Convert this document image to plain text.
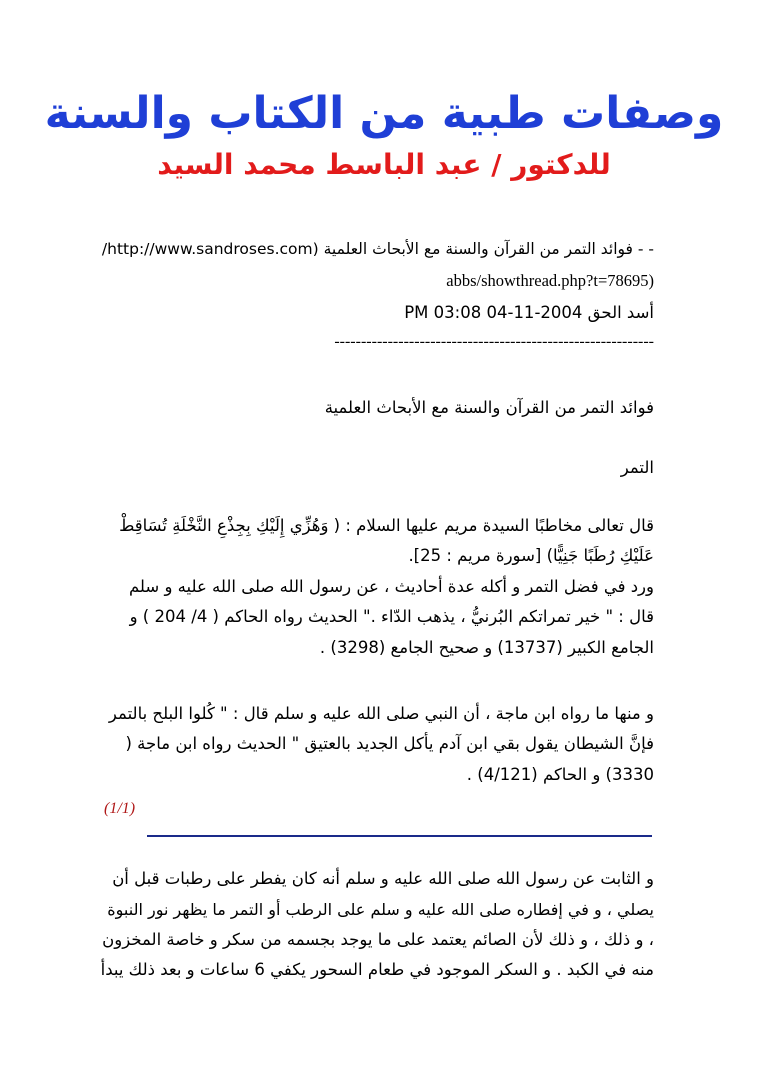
وصفات طبية من الكتاب والسنة
للدكتور / عبد الباسط محمد السيد

- - فوائد التمر من القرآن والسنة مع الأبحاث العلمية (http://www.sandroses.com/

(abbs/showthread.php?t=78695

أسد الحق 2004-11-04 03:08 PM

------------------------------------------------------------

فوائد التمر من القرآن والسنة مع الأبحاث العلمية

التمر

قال تعالى مخاطبًا السيدة مريم عليها السلام : ( وَهُزِّي إِلَيْكِ بِجِذْعِ النَّخْلَةِ تُسَاقِطْ

عَلَيْكِ رُطَبًا جَنِيًّا) [سورة مريم : 25].

ورد في فضل التمر و أكله عدة أحاديث ، عن رسول الله صلى الله عليه و سلم

قال : " خير تمراتكم البُرنيُّ ، يذهب الدّاء ." الحديث رواه الحاكم ( 4/ 204 ) و

الجامع الكبير (13737) و صحيح الجامع (3298) .

و منها ما رواه ابن ماجة ، أن النبي صلى الله عليه و سلم قال : " كُلوا البلح بالتمر

فإنَّ الشيطان يقول بقي ابن آدم يأكل الجديد بالعتيق " الحديث رواه ابن ماجة (

3330) و الحاكم (4/121) .

(1/1)

و الثابت عن رسول الله صلى الله عليه و سلم أنه كان يفطر على رطبات قبل أن

يصلي ، و في إفطاره صلى الله عليه و سلم على الرطب أو التمر ما يظهر نور النبوة

، و ذلك ، و ذلك لأن الصائم يعتمد على ما يوجد بجسمه من سكر و خاصة المخزون

منه في الكبد . و السكر الموجود في طعام السحور يكفي 6 ساعات و بعد ذلك يبدأ
